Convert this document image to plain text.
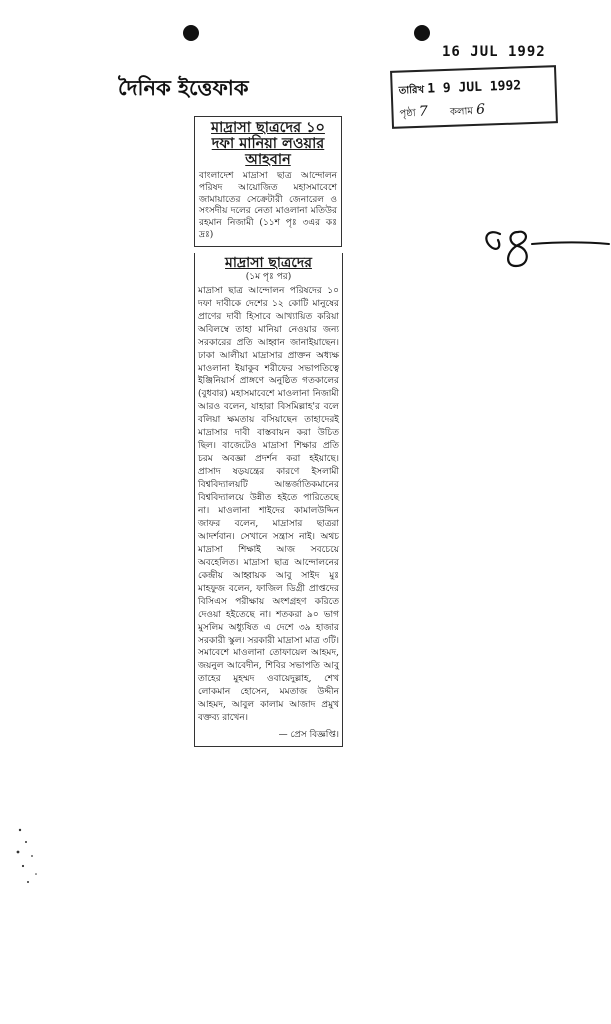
16 JUL 1992
দৈনিক ইত্তেফাক	তারিখ 1 9 JUL 1992
পৃষ্ঠা 7 কলাম 6
মাদ্রাসা ছাত্রদের ১০ দফা মানিয়া লওয়ার আহবান
বাংলাদেশ মাদ্রাসা ছাত্র আন্দোলন পরিষদ আয়োজিত মহাসমাবেশে জামায়াতের সেক্রেটারী জেনারেল ও সংসদীয় দলের নেতা মাওলানা মতিউর রহমান নিজামী (১১শ পৃঃ ৩এর কঃ দ্রঃ)
মাদ্রাসা ছাত্রদের
(১ম পৃঃ পর)
মাদ্রাসা ছাত্র আন্দোলন পরিষদের ১০ দফা দাবীকে দেশের ১২ কোটি মানুষের প্রাণের দাবী হিসাবে আখ্যায়িত করিয়া অবিলম্বে তাহা মানিয়া নেওয়ার জন্য সরকারের প্রতি আহ্বান জানাইয়াছেন। ঢাকা আলীয়া মাদ্রাসার প্রাক্তন অধ্যক্ষ মাওলানা ইয়াকুব শরীফের সভাপতিত্বে ইঞ্জিনিয়ার্স প্রাঙ্গণে অনুষ্ঠিত গতকালের (বুধবার) মহাসমাবেশে মাওলানা নিজামী আরও বলেন, যাহারা বিসমিল্লাহ'র বলে বলিয়া ক্ষমতায় বসিয়াছেন তাহাদেরই মাদ্রাসার দাবী বাস্তবায়ন করা উচিত ছিল। বাজেটেও মাদ্রাসা শিক্ষার প্রতি চরম অবজ্ঞা প্রদর্শন করা হইয়াছে। প্রাসাদ ষড়যন্ত্রের কারণে ইসলামী বিশ্ববিদ্যালয়টি আন্তর্জাতিকমানের বিশ্ববিদ্যালয়ে উন্নীত হইতে পারিতেছে না। মাওলানা শাইদের কামালউদ্দিন জাফর বলেন, মাদ্রাসার ছাত্ররা আদর্শবান। সেখানে সন্ত্রাস নাই। অথচ মাদ্রাসা শিক্ষাই আজ সবচেয়ে অবহেলিত। মাদ্রাসা ছাত্র আন্দোলনের কেন্দ্রীয় আহ্বায়ক আবু সাইদ মুঃ মাহফুজ বলেন, ফাজিল ডিগ্রী প্রাপ্তদের বিসিএস পরীক্ষায় অংশগ্রহণ করিতে দেওয়া হইতেছে না। শতকরা ৯০ ভাগ মুসলিম অধ্যুষিত এ দেশে ৩৯ হাজার সরকারী স্কুল। সরকারী মাদ্রাসা মাত্র ৩টি। সমাবেশে মাওলানা তোফায়েল আহমদ, জয়নুল আবেদীন, শিবির সভাপতি আবু তাহের মুহম্মদ ওবায়েদুল্লাহ, শেখ লোকমান হোসেন, মমতাজ উদ্দীন আহমদ, আবুল কালাম আজাদ প্রমুখ বক্তব্য রাখেন।
— প্রেস বিজ্ঞপ্তি।
